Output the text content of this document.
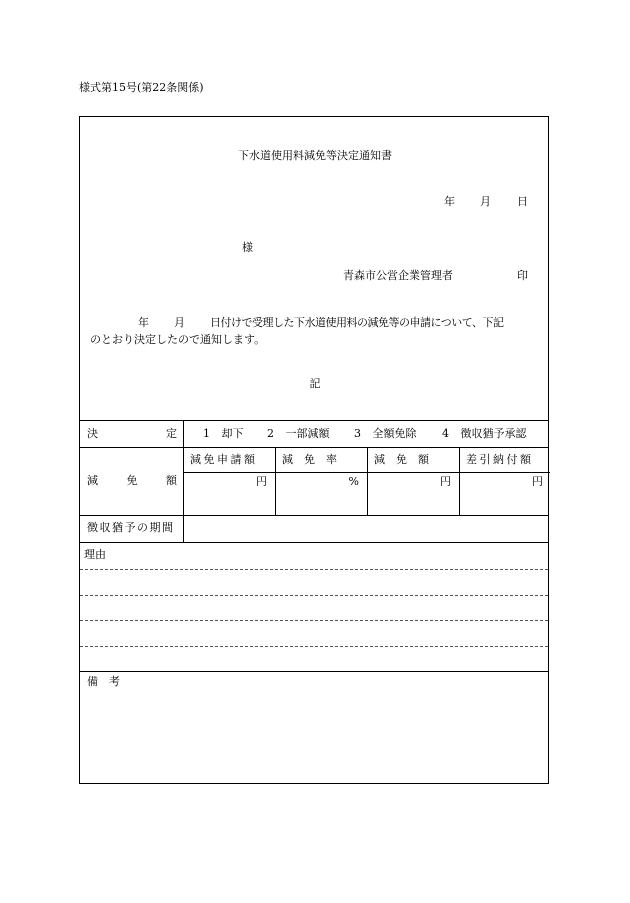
様式第15号(第22条関係)
下水道使用料減免等決定通知書
年 月 日
様
青森市公営企業管理者	印
年 月 日付けで受理した下水道使用料の減免等の申請について、下記
のとおり決定したので通知します。
記
決	定 1 却下 2 一部減額 3 全額免除 4 徴収猶予承認
減	免	額
減免申請額 減　免　率	減　免　額	差引納付額
円	%	円	円
徴収猶予の期間
理由
備　考
